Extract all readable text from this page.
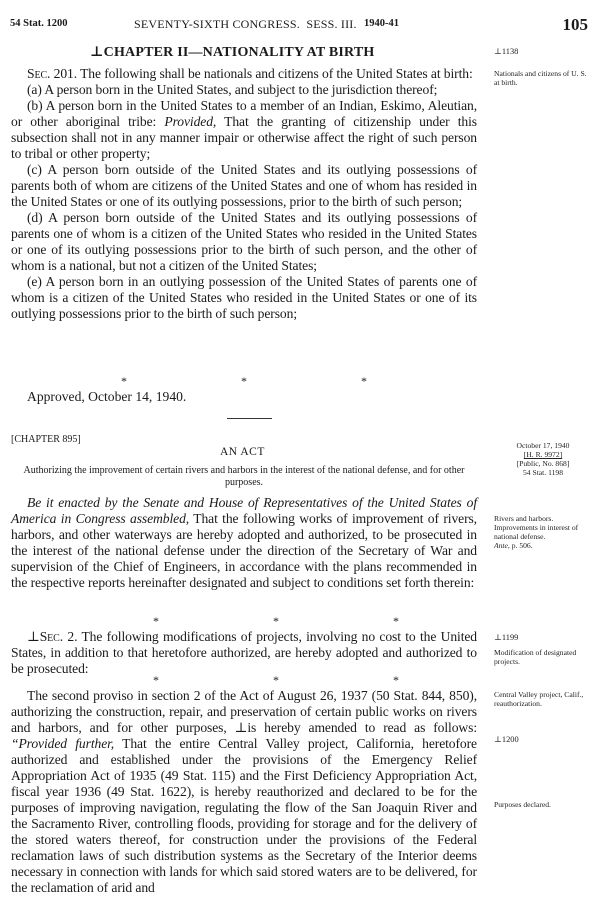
54 Stat. 1200	SEVENTY-SIXTH CONGRESS. SESS. III. 1940-41	105
⊥CHAPTER II—NATIONALITY AT BIRTH	⊥1138
Nationals and citizens of U. S. at birth.

Sec. 201. The following shall be nationals and citizens of the United States at birth:

(a) A person born in the United States, and subject to the jurisdiction thereof;

(b) A person born in the United States to a member of an Indian, Eskimo, Aleutian, or other aboriginal tribe: Provided, That the granting of citizenship under this subsection shall not in any manner impair or otherwise affect the right of such person to tribal or other property;

(c) A person born outside of the United States and its outlying possessions of parents both of whom are citizens of the United States and one of whom has resided in the United States or one of its outlying possessions, prior to the birth of such person;

(d) A person born outside of the United States and its outlying possessions of parents one of whom is a citizen of the United States who resided in the United States or one of its outlying possessions prior to the birth of such person, and the other of whom is a national, but not a citizen of the United States;

(e) A person born in an outlying possession of the United States of parents one of whom is a citizen of the United States who resided in the United States or one of its outlying possessions prior to the birth of such person;

*	*	*
Approved, October 14, 1940.
[CHAPTER 895]
AN ACT
Authorizing the improvement of certain rivers and harbors in the interest of the national defense, and for other purposes.
October 17, 1940
[H. R. 9972]
[Public, No. 868]
54 Stat. 1198

Be it enacted by the Senate and House of Representatives of the United States of America in Congress assembled, That the following works of improvement of rivers, harbors, and other waterways are hereby adopted and authorized, to be prosecuted in the interest of the national defense under the direction of the Secretary of War and supervision of the Chief of Engineers, in accordance with the plans recommended in the respective reports hereinafter designated and subject to conditions set forth therein:

Rivers and harbors.
Improvements in interest of national defense.
Ante, p. 506.
*	*	*

⊥Sec. 2. The following modifications of projects, involving no cost to the United States, in addition to that heretofore authorized, are hereby adopted and authorized to be prosecuted:

⊥1199
Modification of designated projects.
*	*	*

The second proviso in section 2 of the Act of August 26, 1937 (50 Stat. 844, 850), authorizing the construction, repair, and preservation of certain public works on rivers and harbors, and for other purposes, ⊥is hereby amended to read as follows: “Provided further, That the entire Central Valley project, California, heretofore authorized and established under the provisions of the Emergency Relief Appropriation Act of 1935 (49 Stat. 115) and the First Deficiency Appropriation Act, fiscal year 1936 (49 Stat. 1622), is hereby reauthorized and declared to be for the purposes of improving navigation, regulating the flow of the San Joaquin River and the Sacramento River, controlling floods, providing for storage and for the delivery of the stored waters thereof, for construction under the provisions of the Federal reclamation laws of such distribution systems as the Secretary of the Interior deems necessary in connection with lands for which said stored waters are to be delivered, for the reclamation of arid and

Central Valley project, Calif., reauthorization.
⊥1200
Purposes declared.
